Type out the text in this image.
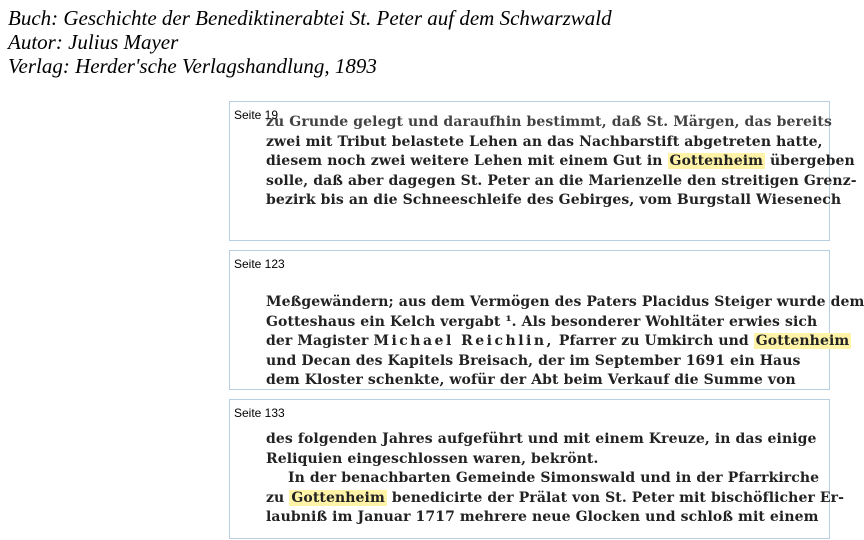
Buch: Geschichte der Benediktinerabtei St. Peter auf dem Schwarzwald
Autor: Julius Mayer
Verlag: Herder'sche Verlagshandlung, 1893
Seite 19
zu Grunde gelegt und daraufhin bestimmt, daß St. Märgen, das bereits
zwei mit Tribut belastete Lehen an das Nachbarstift abgetreten hatte,
diesem noch zwei weitere Lehen mit einem Gut in Gottenheim übergeben
solle, daß aber dagegen St. Peter an die Marienzelle den streitigen Grenz-
bezirk bis an die Schneeschleife des Gebirges, vom Burgstall Wiesenech
Seite 123
Meßgewändern; aus dem Vermögen des Paters Placidus Steiger wurde dem
Gotteshaus ein Kelch vergabt ¹. Als besonderer Wohltäter erwies sich
der Magister Michael Reichlin, Pfarrer zu Umkirch und Gottenheim
und Decan des Kapitels Breisach, der im September 1691 ein Haus
dem Kloster schenkte, wofür der Abt beim Verkauf die Summe von
Seite 133
des folgenden Jahres aufgeführt und mit einem Kreuze, in das einige
Reliquien eingeschlossen waren, bekrönt.
In der benachbarten Gemeinde Simonswald und in der Pfarrkirche
zu Gottenheim benedicirte der Prälat von St. Peter mit bischöflicher Er-
laubniß im Januar 1717 mehrere neue Glocken und schloß mit einem
